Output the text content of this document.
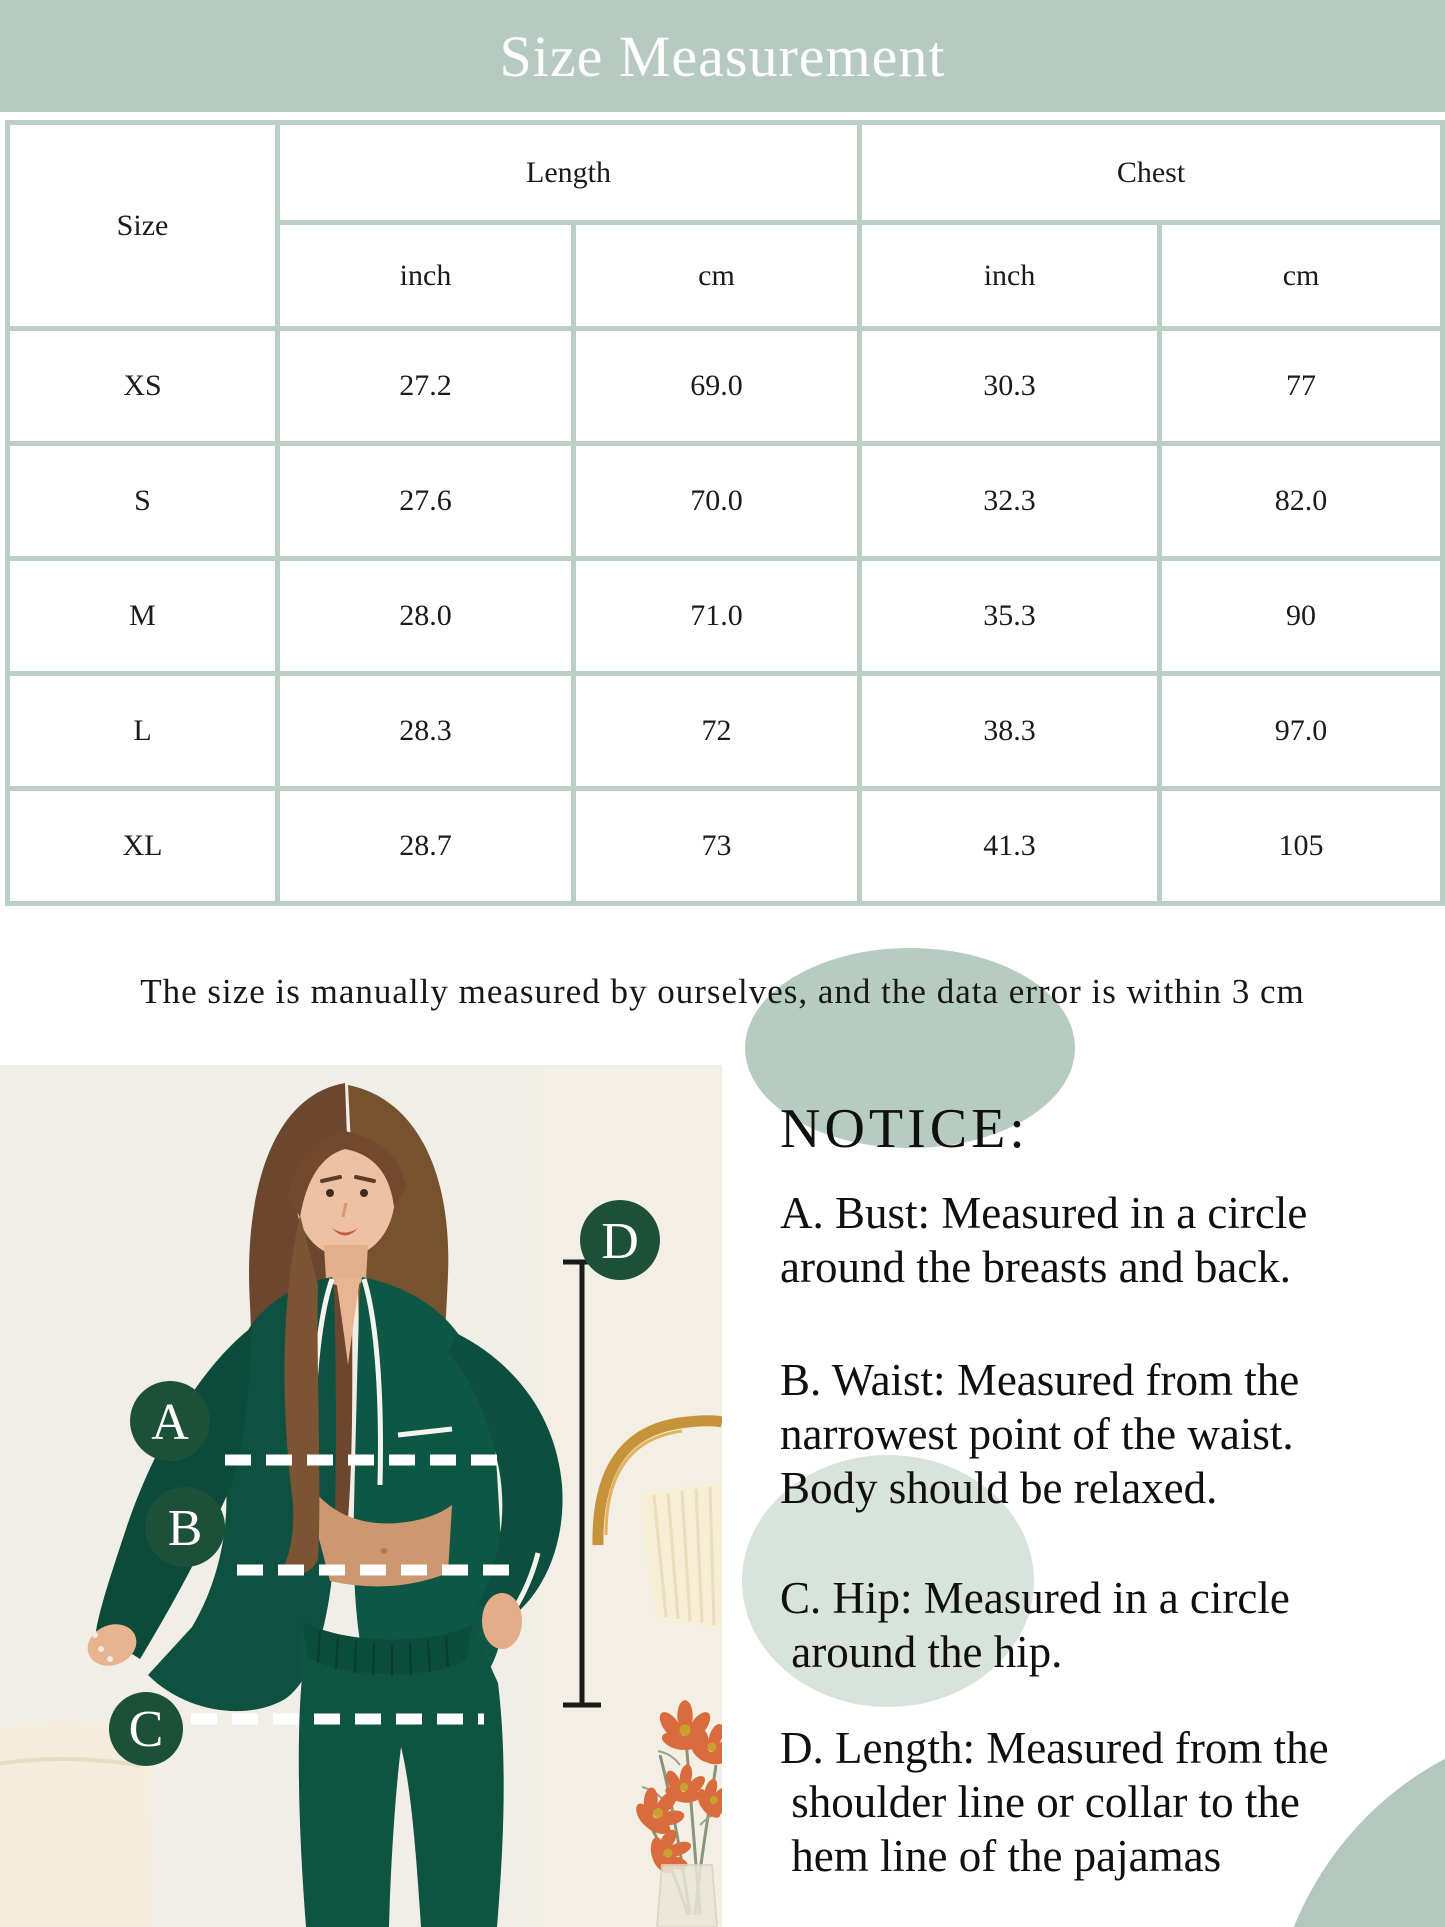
Size Measurement
Size	Length		Chest	
	inch	cm	inch	cm
XS	27.2	69.0	30.3	77
S	27.6	70.0	32.3	82.0
M	28.0	71.0	35.3	90
L	28.3	72	38.3	97.0
XL	28.7	73	41.3	105

The size is manually measured by ourselves, and the data error is within 3 cm

A
B
C
D
NOTICE:
A. Bust: Measured in a circle
around the breasts and back.
B. Waist: Measured from the
narrowest point of the waist.
Body should be relaxed.
C. Hip: Measured in a circle
around the hip.
D. Length: Measured from the
shoulder line or collar to the
hem line of the pajamas
